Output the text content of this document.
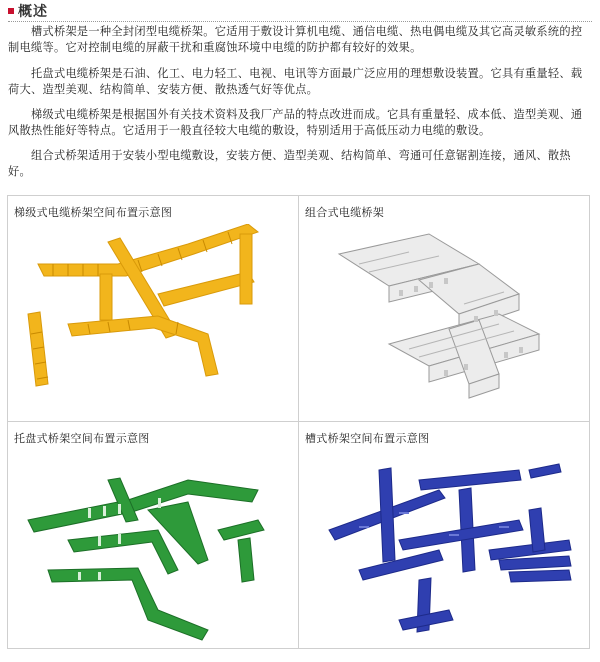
概述

　　槽式桥架是一种全封闭型电缆桥架。它适用于敷设计算机电缆、通信电缆、热电偶电缆及其它高灵敏系统的控制电缆等。它对控制电缆的屏蔽干扰和重腐蚀环境中电缆的防护都有较好的效果。

　　托盘式电缆桥架是石油、化工、电力轻工、电视、电讯等方面最广泛应用的理想敷设装置。它具有重量轻、载荷大、造型美观、结构简单、安装方便、散热透气好等优点。

　　梯级式电缆桥架是根据国外有关技术资料及我厂产品的特点改进而成。它具有重量轻、成本低、造型美观、通风散热性能好等特点。它适用于一般直径较大电缆的敷设，特别适用于高低压动力电缆的敷设。

　　组合式桥架适用于安装小型电缆敷设，安装方便、造型美观、结构简单、弯通可任意锯割连接，通风、散热好。

梯级式电缆桥架空间布置示意图	组合式电缆桥架
托盘式桥架空间布置示意图	槽式桥架空间布置示意图
